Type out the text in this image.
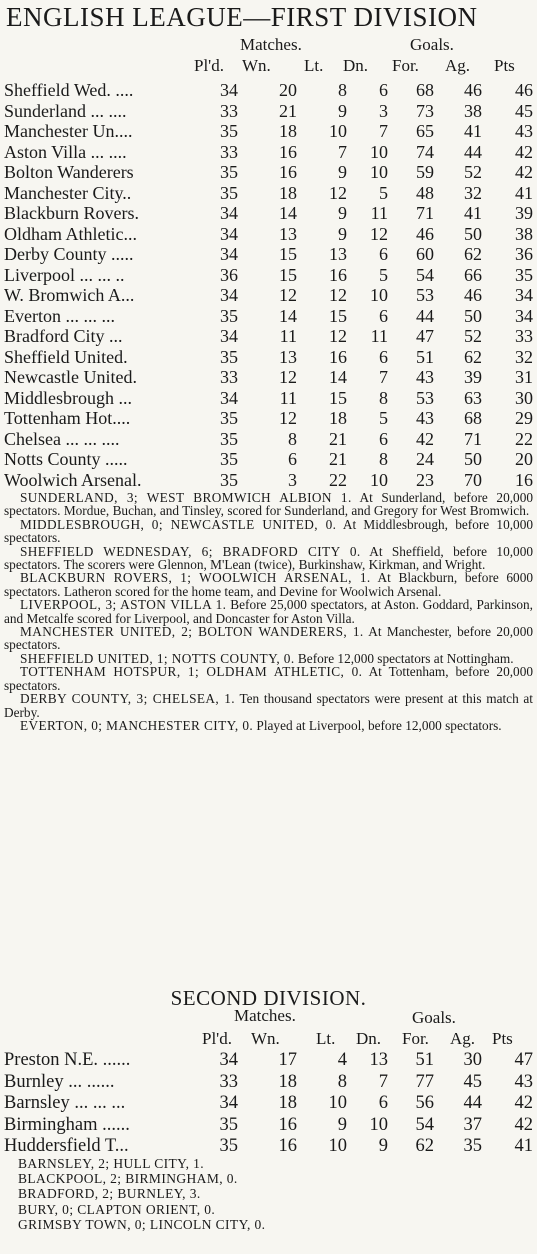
ENGLISH LEAGUE—FIRST DIVISION
Matches.	Goals.
Pl'd. Wn. Lt. Dn. For. Ag. Pts
Sheffield Wed. ....	34 20 8 6 68 46 46
Sunderland ... ....	33 21 9 3 73 38 45
Manchester Un....	35 18 10 7 65 41 43
Aston Villa ... ....	33 16 7 10 74 44 42
Bolton Wanderers	35 16 9 10 59 52 42
Manchester City..	35 18 12 5 48 32 41
Blackburn Rovers.	34 14 9 11 71 41 39
Oldham Athletic...	34 13 9 12 46 50 38
Derby County .....	34 15 13 6 60 62 36
Liverpool ... ... ..	36 15 16 5 54 66 35
W. Bromwich A...	34 12 12 10 53 46 34
Everton ... ... ...	35 14 15 6 44 50 34
Bradford City ...	34 11 12 11 47 52 33
Sheffield United.	35 13 16 6 51 62 32
Newcastle United.	33 12 14 7 43 39 31
Middlesbrough ...	34 11 15 8 53 63 30
Tottenham Hot....	35 12 18 5 43 68 29
Chelsea ... ... ....	35	8 21 6 42 71 22
Notts County .....	35	6 21 8 24 50 20
Woolwich Arsenal.	35	3 22 10 23 70 16

SUNDERLAND, 3; WEST BROMWICH ALBION 1. At Sunderland, before 20,000 spectators. Mordue, Buchan, and Tinsley, scored for Sunderland, and Gregory for West Bromwich.

MIDDLESBROUGH, 0; NEWCASTLE UNITED, 0. At Middlesbrough, before 10,000 spectators.

SHEFFIELD WEDNESDAY, 6; BRADFORD CITY 0. At Sheffield, before 10,000 spectators. The scorers were Glennon, M'Lean (twice), Burkinshaw, Kirkman, and Wright.

BLACKBURN ROVERS, 1; WOOLWICH ARSENAL, 1. At Blackburn, before 6000 spectators. Latheron scored for the home team, and Devine for Woolwich Arsenal.

LIVERPOOL, 3; ASTON VILLA 1. Before 25,000 spectators, at Aston. Goddard, Parkinson, and Metcalfe scored for Liverpool, and Doncaster for Aston Villa.

MANCHESTER UNITED, 2; BOLTON WANDERERS, 1. At Manchester, before 20,000 spectators.

SHEFFIELD UNITED, 1; NOTTS COUNTY, 0. Before 12,000 spectators at Nottingham.

TOTTENHAM HOTSPUR, 1; OLDHAM ATHLETIC, 0. At Tottenham, before 20,000 spectators.

DERBY COUNTY, 3; CHELSEA, 1. Ten thousand spectators were present at this match at Derby.

EVERTON, 0; MANCHESTER CITY, 0. Played at Liverpool, before 12,000 spectators.

SECOND DIVISION.
Matches.	Goals.
Pl'd. Wn. Lt. Dn. For. Ag. Pts
Preston N.E. ......	34 17 4 13 51 30 47
Burnley ... ......	33 18 8 7 77 45 43
Barnsley ... ... ...	34 18 10 6 56 44 42
Birmingham ......	35 16 9 10 54 37 42
Huddersfield T...	35 16 10 9 62 35 41
BARNSLEY, 2; HULL CITY, 1.
BLACKPOOL, 2; BIRMINGHAM, 0.
BRADFORD, 2; BURNLEY, 3.
BURY, 0; CLAPTON ORIENT, 0.
GRIMSBY TOWN, 0; LINCOLN CITY, 0.
